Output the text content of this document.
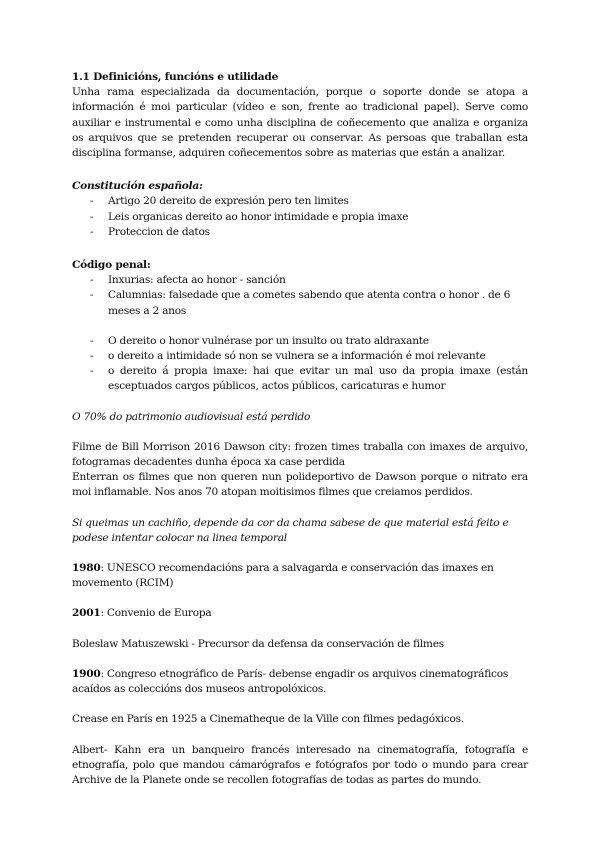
1.1 Definicións, funcións e utilidade

Unha rama especializada da documentación, porque o soporte donde se atopa a información é moi particular (vídeo e son, frente ao tradicional papel). Serve como auxiliar e instrumental e como unha disciplina de coñecemento que analiza e organiza os arquivos que se pretenden recuperar ou conservar. As persoas que traballan esta disciplina formanse, adquiren coñecementos sobre as materias que están a analizar.

Constitución española:

- Artigo 20 dereito de expresión pero ten limites
- Leis organicas dereito ao honor intimidade e propia imaxe
- Proteccion de datos

Código penal:

- Inxurias: afecta ao honor - sanción
- Calumnias: falsedade que a cometes sabendo que atenta contra o honor . de 6 meses a 2 anos
- O dereito o honor vulnérase por un insulto ou trato aldraxante
- o dereito a intimidade só non se vulnera se a información é moi relevante
- o dereito á propia imaxe: hai que evitar un mal uso da propia imaxe (están esceptuados cargos públicos, actos públicos, caricaturas e humor

O 70% do patrimonio audiovisual está perdido

Filme de Bill Morrison 2016 Dawson city: frozen times traballa con imaxes de arquivo, fotogramas decadentes dunha época xa case perdida

Enterran os filmes que non queren nun polideportivo de Dawson porque o nitrato era moi inflamable. Nos anos 70 atopan moitisimos filmes que creiamos perdidos.

Si queimas un cachiño, depende da cor da chama sabese de que material está feito e podese intentar colocar na linea temporal

1980: UNESCO recomendacións para a salvagarda e conservación das imaxes en movemento (RCIM)

2001: Convenio de Europa

Boleslaw Matuszewski - Precursor da defensa da conservación de filmes

1900: Congreso etnográfico de París- debense engadir os arquivos cinematográficos acaídos as coleccións dos museos antropolóxicos.

Crease en París en 1925 a Cinematheque de la Ville con filmes pedagóxicos.

Albert- Kahn era un banqueiro francés interesado na cinematografía, fotografía e etnografía, polo que mandou cámarógrafos e fotógrafos por todo o mundo para crear Archive de la Planete onde se recollen fotografías de todas as partes do mundo.
